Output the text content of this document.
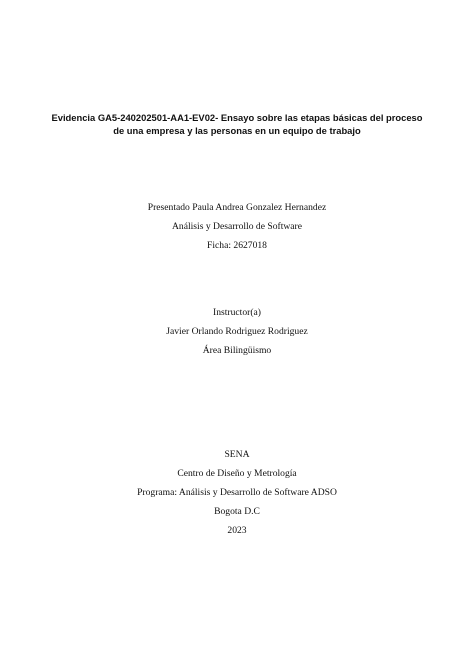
Evidencia GA5-240202501-AA1-EV02- Ensayo sobre las etapas básicas del proceso
de una empresa y las personas en un equipo de trabajo
Presentado Paula Andrea Gonzalez Hernandez
Análisis y Desarrollo de Software
Ficha: 2627018
Instructor(a)
Javier Orlando Rodriguez Rodriguez
Área Bilingüismo
SENA
Centro de Diseño y Metrología
Programa: Análisis y Desarrollo de Software ADSO
Bogota D.C
2023
